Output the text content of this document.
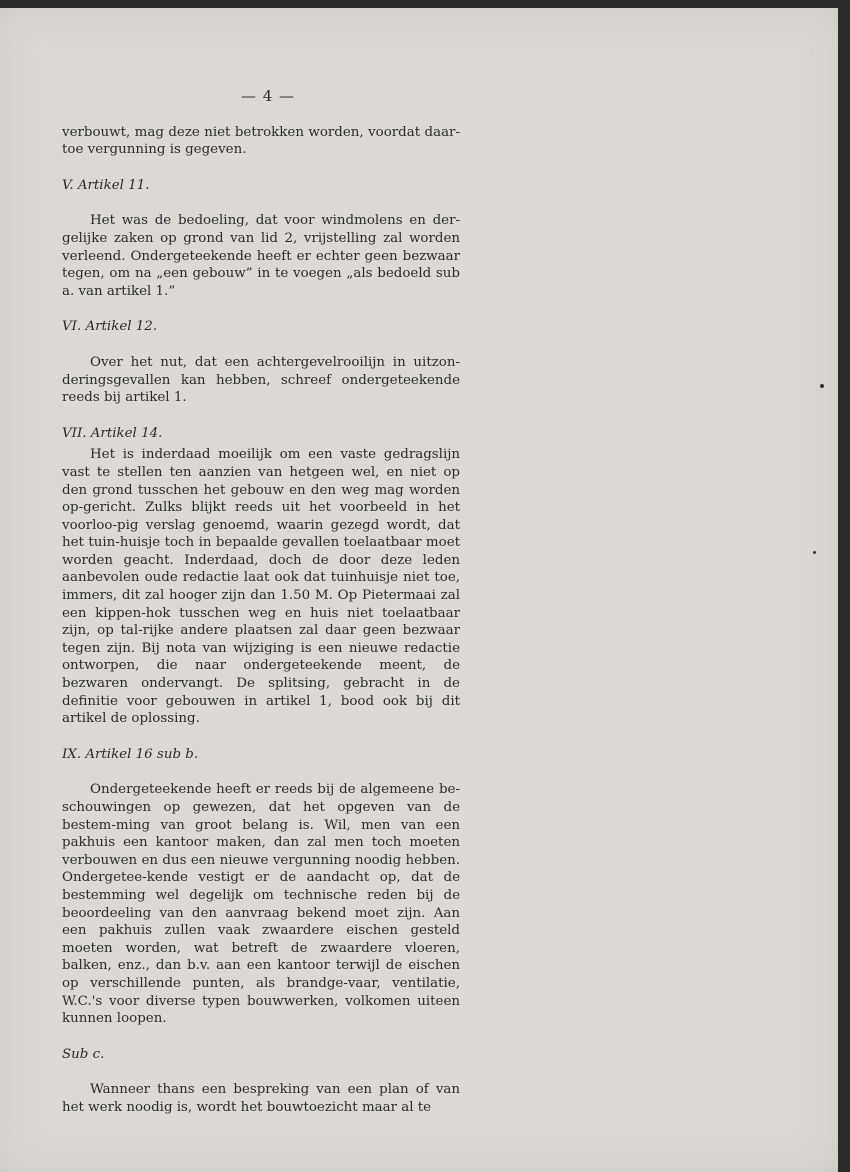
— 4 —

verbouwt, mag deze niet betrokken worden, voordat daar-toe vergunning is gegeven.

V. Artikel 11.

Het was de bedoeling, dat voor windmolens en der-gelijke zaken op grond van lid 2, vrijstelling zal worden verleend. Ondergeteekende heeft er echter geen bezwaar tegen, om na „een gebouw” in te voegen „als bedoeld sub a. van artikel 1.”

VI. Artikel 12.

Over het nut, dat een achtergevelrooilijn in uitzon-deringsgevallen kan hebben, schreef ondergeteekende reeds bij artikel 1.

VII. Artikel 14.

Het is inderdaad moeilijk om een vaste gedragslijn vast te stellen ten aanzien van hetgeen wel, en niet op den grond tusschen het gebouw en den weg mag worden op-gericht. Zulks blijkt reeds uit het voorbeeld in het voorloo-pig verslag genoemd, waarin gezegd wordt, dat het tuin-huisje toch in bepaalde gevallen toelaatbaar moet worden geacht. Inderdaad, doch de door deze leden aanbevolen oude redactie laat ook dat tuinhuisje niet toe, immers, dit zal hooger zijn dan 1.50 M. Op Pietermaai zal een kippen-hok tusschen weg en huis niet toelaatbaar zijn, op tal-rijke andere plaatsen zal daar geen bezwaar tegen zijn. Bij nota van wijziging is een nieuwe redactie ontworpen, die naar ondergeteekende meent, de bezwaren ondervangt. De splitsing, gebracht in de definitie voor gebouwen in artikel 1, bood ook bij dit artikel de oplossing.

IX. Artikel 16 sub b.

Ondergeteekende heeft er reeds bij de algemeene be-schouwingen op gewezen, dat het opgeven van de bestem-ming van groot belang is. Wil, men van een pakhuis een kantoor maken, dan zal men toch moeten verbouwen en dus een nieuwe vergunning noodig hebben. Ondergetee-kende vestigt er de aandacht op, dat de bestemming wel degelijk om technische reden bij de beoordeeling van den aanvraag bekend moet zijn. Aan een pakhuis zullen vaak zwaardere eischen gesteld moeten worden, wat betreft de zwaardere vloeren, balken, enz., dan b.v. aan een kantoor terwijl de eischen op verschillende punten, als brandge-vaar, ventilatie, W.C.'s voor diverse typen bouwwerken, volkomen uiteen kunnen loopen.

Sub c.

Wanneer thans een bespreking van een plan of van het werk noodig is, wordt het bouwtoezicht maar al te
